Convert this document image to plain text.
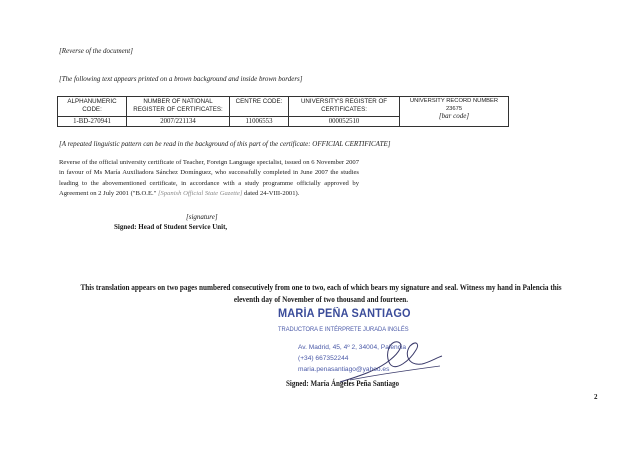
[Reverse of the document]
[The following text appears printed on a brown background and inside brown borders]
ALPHANUMERIC CODE:	NUMBER OF NATIONAL REGISTER OF CERTIFICATES:	CENTRE CODE:	UNIVERSITY'S REGISTER OF CERTIFICATES:	UNIVERSITY RECORD NUMBER
23675
[bar code]

1-BD-270941	2007/221134	11006553	000052510	
[A repeated linguistic pattern can be read in the background of this part of the certificate: OFFICIAL CERTIFICATE]
Reverse of the official university certificate of Teacher, Foreign Language specialist, issued on 6 November 2007 in favour of Ms María Auxiliadora Sánchez Domínguez, who successfully completed in June 2007 the studies leading to the abovementioned certificate, in accordance with a study programme officially approved by Agreement on 2 July 2001 ("B.O.E." [Spanish Official State Gazette] dated 24-VIII-2001).
[signature]
Signed: Head of Student Service Unit,
This translation appears on two pages numbered consecutively from one to two, each of which bears my signature and seal. Witness my hand in Palencia this eleventh day of November of two thousand and fourteen.
MARÍA PEÑA SANTIAGO
TRADUCTORA E INTÉRPRETE JURADA INGLÉS
Av. Madrid, 45, 4º 2, 34004, Palencia
(+34) 667352244
maria.penasantiago@yahoo.es
Signed: María Ángeles Peña Santiago
2
